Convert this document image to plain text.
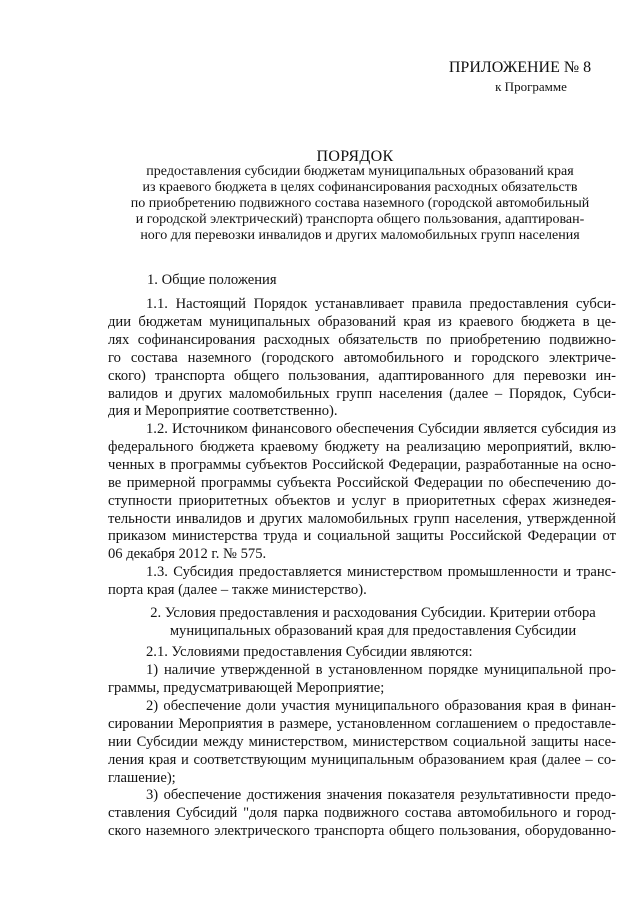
ПРИЛОЖЕНИЕ № 8
к Программе
ПОРЯДОК
предоставления субсидии бюджетам муниципальных образований края
из краевого бюджета в целях софинансирования расходных обязательств
по приобретению подвижного состава наземного (городской автомобильный
и городской электрический) транспорта общего пользования, адаптирован-
ного для перевозки инвалидов и других маломобильных групп населения
1. Общие положения
1.1. Настоящий Порядок устанавливает правила предоставления субси-
дии бюджетам муниципальных образований края из краевого бюджета в це-
лях софинансирования расходных обязательств по приобретению подвижно-
го состава наземного (городского автомобильного и городского электриче-
ского) транспорта общего пользования, адаптированного для перевозки ин-
валидов и других маломобильных групп населения (далее – Порядок, Субси-
дия и Мероприятие соответственно).
1.2. Источником финансового обеспечения Субсидии является субсидия из
федерального бюджета краевому бюджету на реализацию мероприятий, вклю-
ченных в программы субъектов Российской Федерации, разработанные на осно-
ве примерной программы субъекта Российской Федерации по обеспечению до-
ступности приоритетных объектов и услуг в приоритетных сферах жизнедея-
тельности инвалидов и других маломобильных групп населения, утвержденной
приказом министерства труда и социальной защиты Российской Федерации от
06 декабря 2012 г. № 575.
1.3. Субсидия предоставляется министерством промышленности и транс-
порта края (далее – также министерство).
2. Условия предоставления и расходования Субсидии. Критерии отбора
муниципальных образований края для предоставления Субсидии
2.1. Условиями предоставления Субсидии являются:
1) наличие утвержденной в установленном порядке муниципальной про-
граммы, предусматривающей Мероприятие;
2) обеспечение доли участия муниципального образования края в финан-
сировании Мероприятия в размере, установленном соглашением о предоставле-
нии Субсидии между министерством, министерством социальной защиты насе-
ления края и соответствующим муниципальным образованием края (далее – со-
глашение);
3) обеспечение достижения значения показателя результативности предо-
ставления Субсидий "доля парка подвижного состава автомобильного и город-
ского наземного электрического транспорта общего пользования, оборудованно-
